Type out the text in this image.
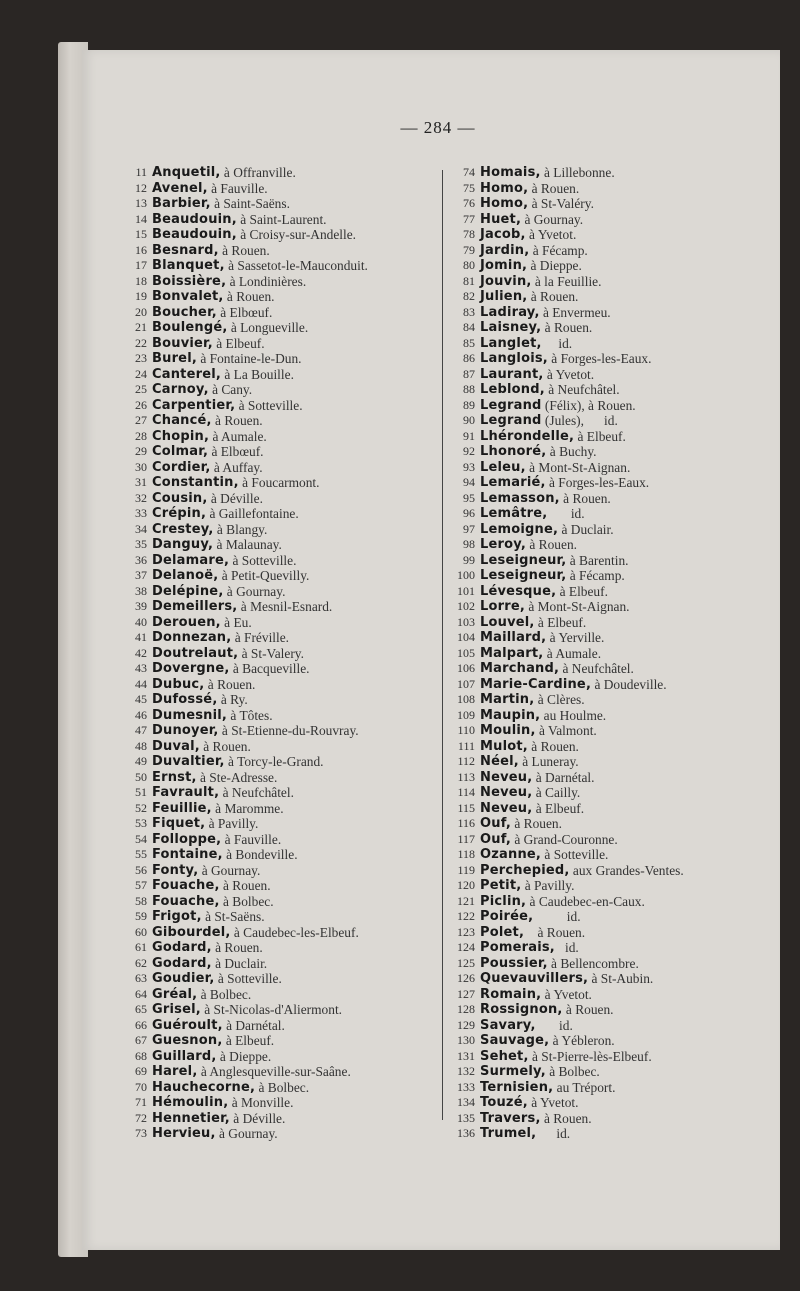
— 284 —
11 Anquetil, à Offranville.
12 Avenel, à Fauville.
13 Barbier, à Saint-Saëns.
14 Beaudouin, à Saint-Laurent.
15 Beaudouin, à Croisy-sur-Andelle.
16 Besnard, à Rouen.
17 Blanquet, à Sassetot-le-Mauconduit.
18 Boissière, à Londinières.
19 Bonvalet, à Rouen.
20 Boucher, à Elbœuf.
21 Boulengé, à Longueville.
22 Bouvier, à Elbeuf.
23 Burel, à Fontaine-le-Dun.
24 Canterel, à La Bouille.
25 Carnoy, à Cany.
26 Carpentier, à Sotteville.
27 Chancé, à Rouen.
28 Chopin, à Aumale.
29 Colmar, à Elbœuf.
30 Cordier, à Auffay.
31 Constantin, à Foucarmont.
32 Cousin, à Déville.
33 Crépin, à Gaillefontaine.
34 Crestey, à Blangy.
35 Danguy, à Malaunay.
36 Delamare, à Sotteville.
37 Delanoë, à Petit-Quevilly.
38 Delépine, à Gournay.
39 Demeillers, à Mesnil-Esnard.
40 Derouen, à Eu.
41 Donnezan, à Fréville.
42 Doutrelaut, à St-Valery.
43 Dovergne, à Bacqueville.
44 Dubuc, à Rouen.
45 Dufossé, à Ry.
46 Dumesnil, à Tôtes.
47 Dunoyer, à St-Etienne-du-Rouvray.
48 Duval, à Rouen.
49 Duvaltier, à Torcy-le-Grand.
50 Ernst, à Ste-Adresse.
51 Favrault, à Neufchâtel.
52 Feuillie, à Maromme.
53 Fiquet, à Pavilly.
54 Folloppe, à Fauville.
55 Fontaine, à Bondeville.
56 Fonty, à Gournay.
57 Fouache, à Rouen.
58 Fouache, à Bolbec.
59 Frigot, à St-Saëns.
60 Gibourdel, à Caudebec-les-Elbeuf.
61 Godard, à Rouen.
62 Godard, à Duclair.
63 Goudier, à Sotteville.
64 Gréal, à Bolbec.
65 Grisel, à St-Nicolas-d'Aliermont.
66 Guéroult, à Darnétal.
67 Guesnon, à Elbeuf.
68 Guillard, à Dieppe.
69 Harel, à Anglesqueville-sur-Saâne.
70 Hauchecorne, à Bolbec.
71 Hémoulin, à Monville.
72 Hennetier, à Déville.
73 Hervieu, à Gournay.
74 Homais, à Lillebonne.
75 Homo, à Rouen.
76 Homo, à St-Valéry.
77 Huet, à Gournay.
78 Jacob, à Yvetot.
79 Jardin, à Fécamp.
80 Jomin, à Dieppe.
81 Jouvin, à la Feuillie.
82 Julien, à Rouen.
83 Ladiray, à Envermeu.
84 Laisney, à Rouen.
85 Langlet, id.
86 Langlois, à Forges-les-Eaux.
87 Laurant, à Yvetot.
88 Leblond, à Neufchâtel.
89 Legrand (Félix), à Rouen.
90 Legrand (Jules),      id.
91 Lhérondelle, à Elbeuf.
92 Lhonoré, à Buchy.
93 Leleu, à Mont-St-Aignan.
94 Lemarié, à Forges-les-Eaux.
95 Lemasson, à Rouen.
96 Lemâtre, id.
97 Lemoigne, à Duclair.
98 Leroy, à Rouen.
99 Leseigneur, à Barentin.
100 Leseigneur, à Fécamp.
101 Lévesque, à Elbeuf.
102 Lorre, à Mont-St-Aignan.
103 Louvel, à Elbeuf.
104 Maillard, à Yerville.
105 Malpart, à Aumale.
106 Marchand, à Neufchâtel.
107 Marie-Cardine, à Doudeville.
108 Martin, à Clères.
109 Maupin, au Houlme.
110 Moulin, à Valmont.
111 Mulot, à Rouen.
112 Néel, à Luneray.
113 Neveu, à Darnétal.
114 Neveu, à Cailly.
115 Neveu, à Elbeuf.
116 Ouf, à Rouen.
117 Ouf, à Grand-Couronne.
118 Ozanne, à Sotteville.
119 Perchepied, aux Grandes-Ventes.
120 Petit, à Pavilly.
121 Piclin, à Caudebec-en-Caux.
122 Poirée, id.
123 Polet, à Rouen.
124 Pomerais, id.
125 Poussier, à Bellencombre.
126 Quevauvillers, à St-Aubin.
127 Romain, à Yvetot.
128 Rossignon, à Rouen.
129 Savary, id.
130 Sauvage, à Yébleron.
131 Sehet, à St-Pierre-lès-Elbeuf.
132 Surmely, à Bolbec.
133 Ternisien, au Tréport.
134 Touzé, à Yvetot.
135 Travers, à Rouen.
136 Trumel, id.
